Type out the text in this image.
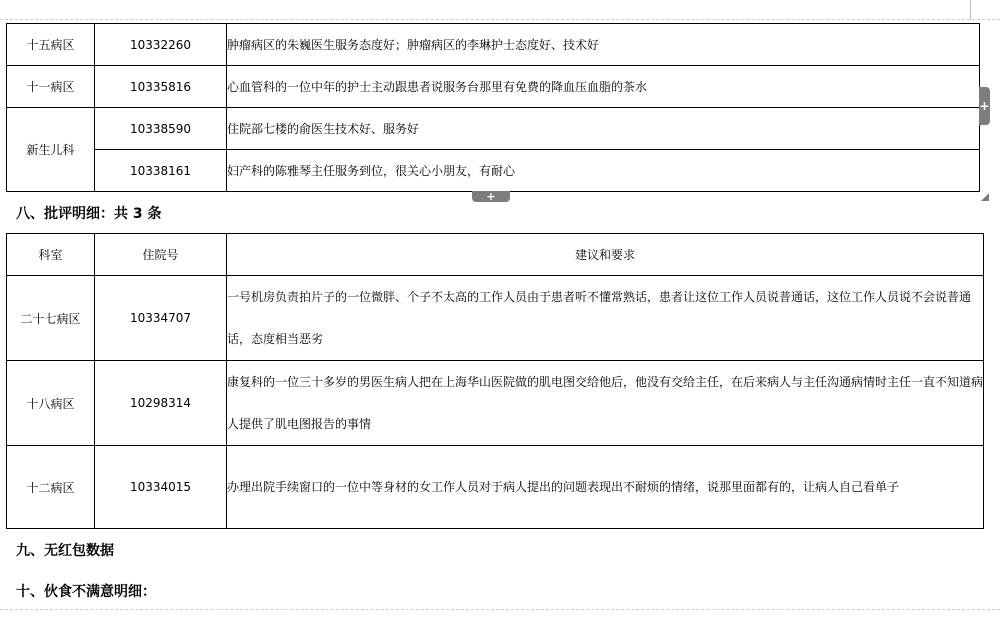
十五病区	10332260	肿瘤病区的朱巍医生服务态度好；肿瘤病区的李琳护士态度好、技术好
十一病区	10335816	心血管科的一位中年的护士主动跟患者说服务台那里有免费的降血压血脂的茶水
新生儿科	10338590	住院部七楼的俞医生技术好、服务好
	10338161	妇产科的陈雅琴主任服务到位，很关心小朋友，有耐心
+
+
八、批评明细：共 3 条
科室	住院号	建议和要求
二十七病区	10334707	一号机房负责拍片子的一位微胖、个子不太高的工作人员由于患者听不懂常熟话，患者让这位工作人员说普通话，这位工作人员说不会说普通话，态度相当恶劣
十八病区	10298314	康复科的一位三十多岁的男医生病人把在上海华山医院做的肌电图交给他后，他没有交给主任，在后来病人与主任沟通病情时主任一直不知道病人提供了肌电图报告的事情
十二病区	10334015	办理出院手续窗口的一位中等身材的女工作人员对于病人提出的问题表现出不耐烦的情绪，说那里面都有的，让病人自己看单子
九、无红包数据
十、伙食不满意明细：
